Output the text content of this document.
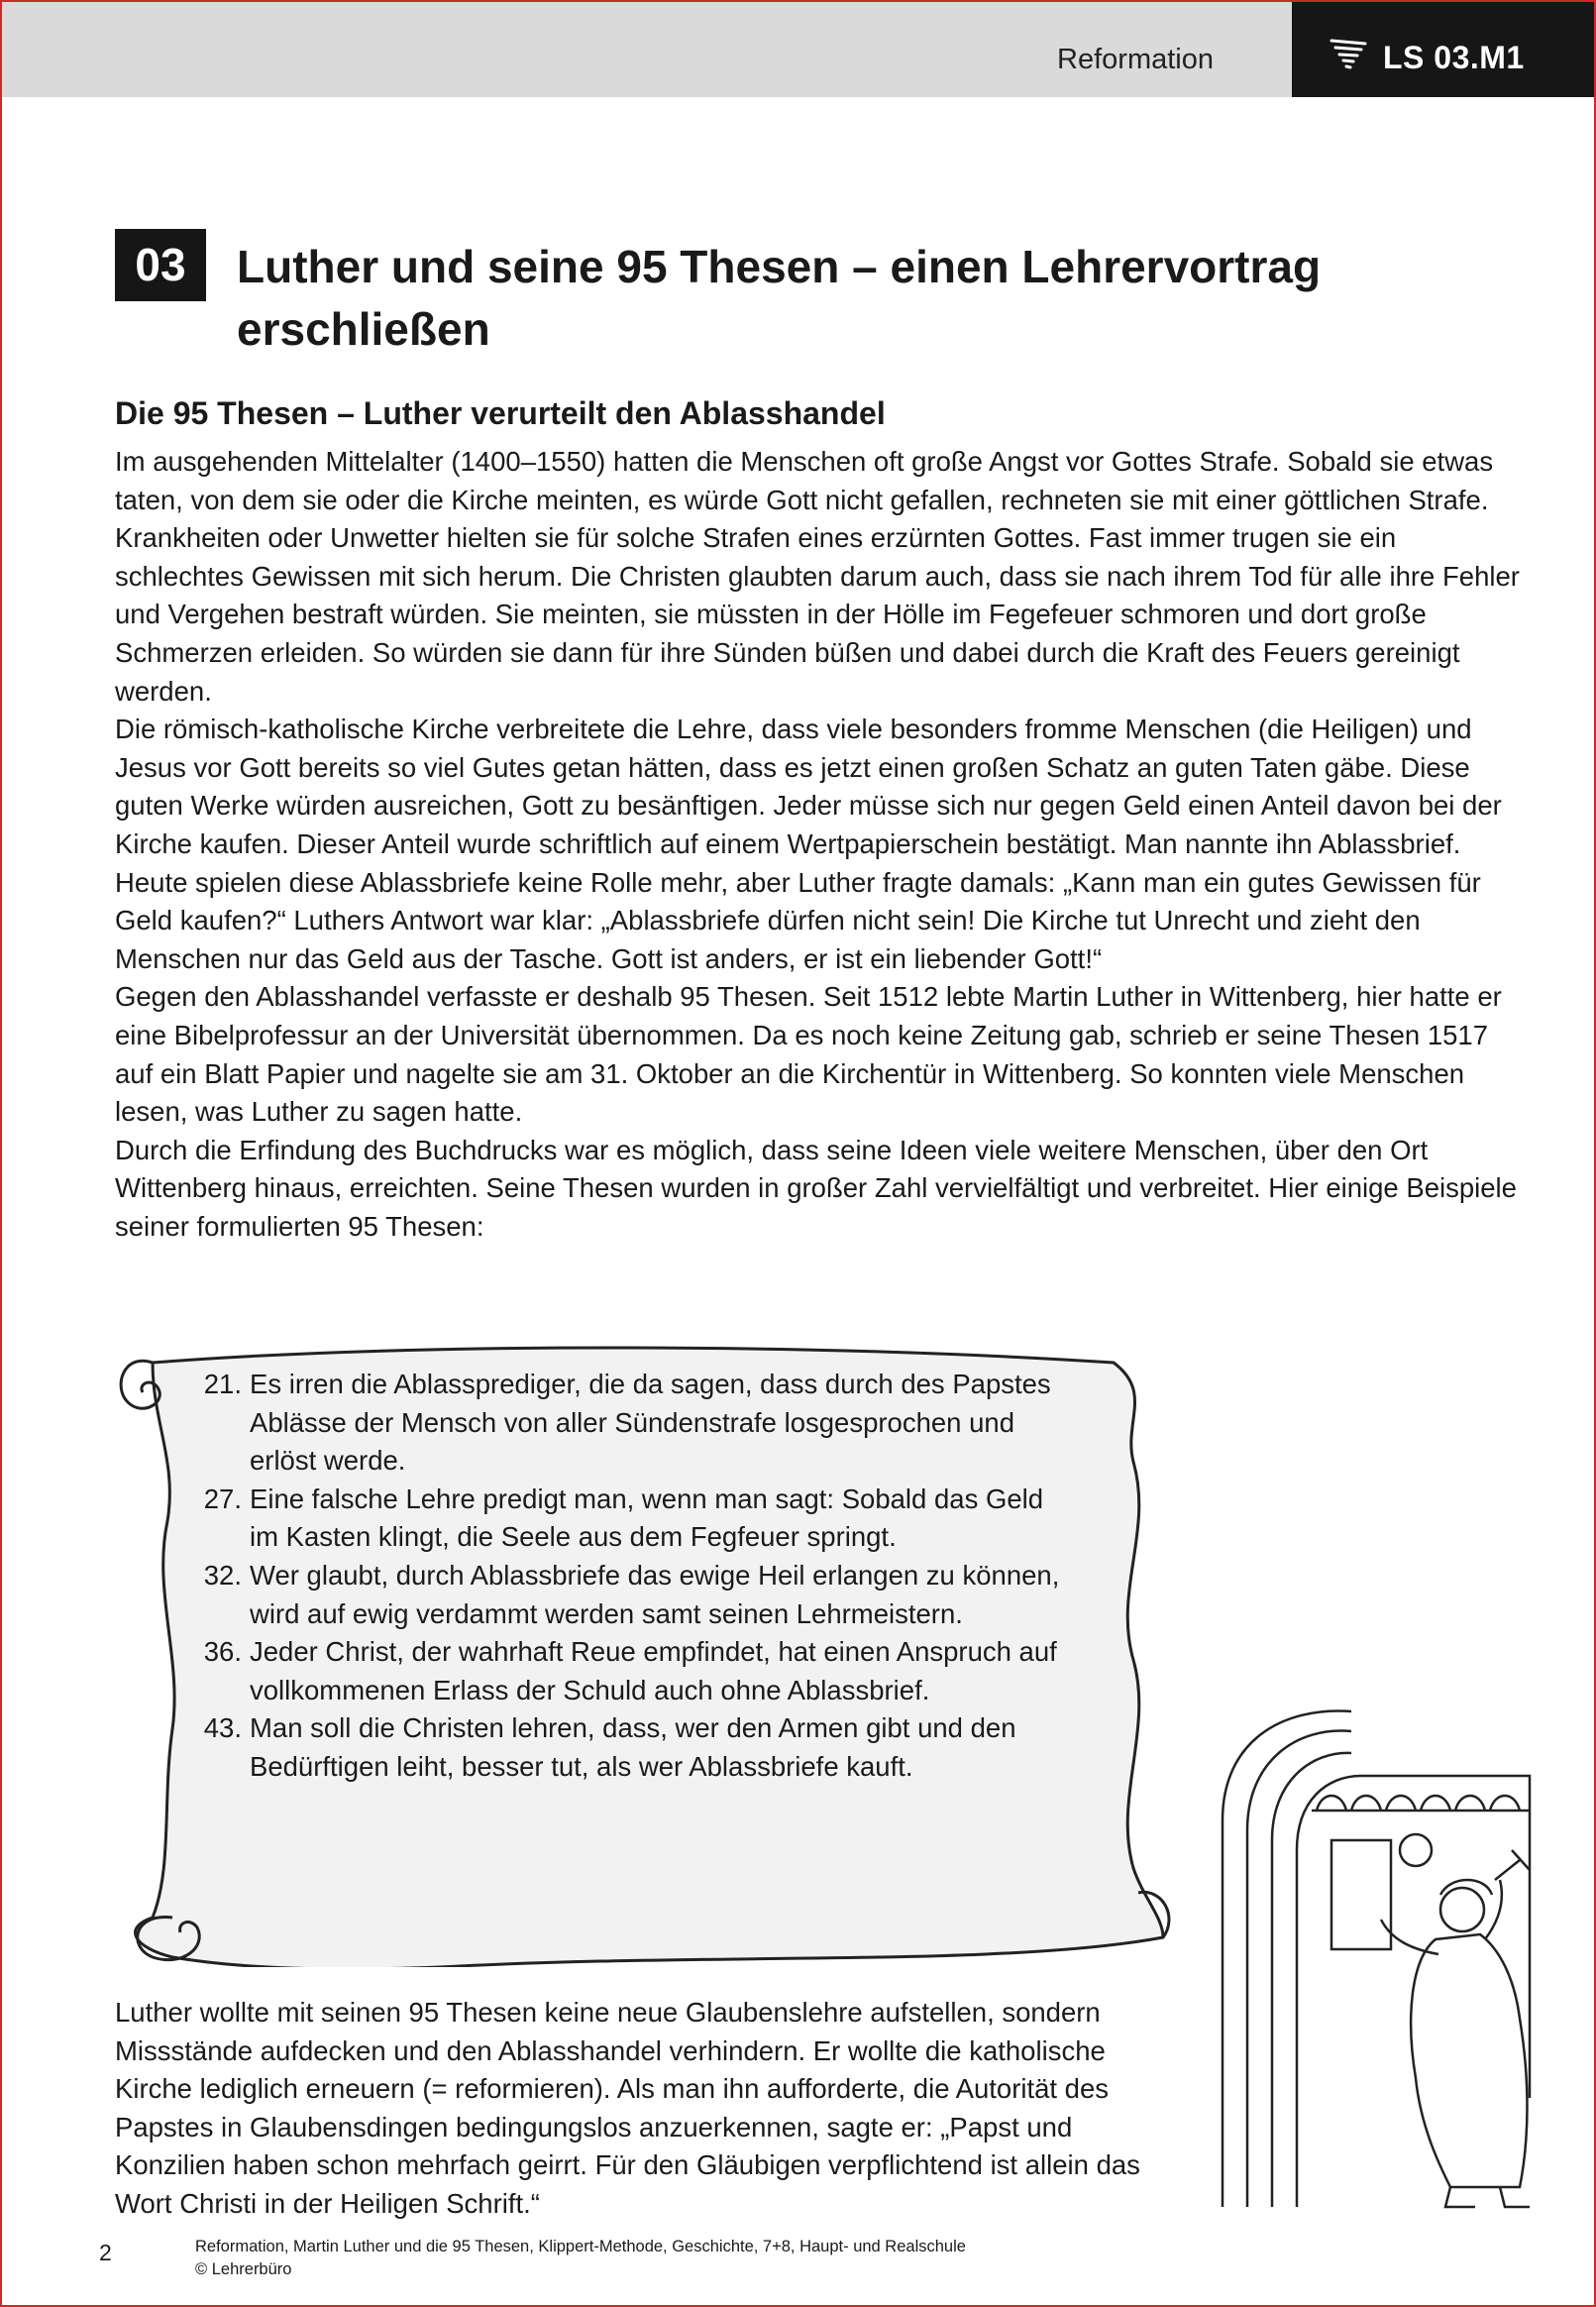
Reformation	LS 03.M1
03	Luther und seine 95 Thesen – einen Lehrervortrag erschließen
Die 95 Thesen – Luther verurteilt den Ablasshandel

Im ausgehenden Mittelalter (1400–1550) hatten die Menschen oft große Angst vor Gottes Strafe. Sobald sie etwas taten, von dem sie oder die Kirche meinten, es würde Gott nicht gefallen, rechneten sie mit einer göttlichen Strafe. Krankheiten oder Unwetter hielten sie für solche Strafen eines erzürnten Gottes. Fast immer trugen sie ein schlechtes Gewissen mit sich herum. Die Christen glaubten darum auch, dass sie nach ihrem Tod für alle ihre Fehler und Vergehen bestraft würden. Sie meinten, sie müssten in der Hölle im Fegefeuer schmoren und dort große Schmerzen erleiden. So würden sie dann für ihre Sünden büßen und dabei durch die Kraft des Feuers gereinigt werden.

Die römisch-katholische Kirche verbreitete die Lehre, dass viele besonders fromme Menschen (die Heiligen) und Jesus vor Gott bereits so viel Gutes getan hätten, dass es jetzt einen großen Schatz an guten Taten gäbe. Diese guten Werke würden ausreichen, Gott zu besänftigen. Jeder müsse sich nur gegen Geld einen Anteil davon bei der Kirche kaufen. Dieser Anteil wurde schriftlich auf einem Wertpapierschein bestätigt. Man nannte ihn Ablassbrief. Heute spielen diese Ablassbriefe keine Rolle mehr, aber Luther fragte damals: „Kann man ein gutes Gewissen für Geld kaufen?“ Luthers Antwort war klar: „Ablassbriefe dürfen nicht sein! Die Kirche tut Unrecht und zieht den Menschen nur das Geld aus der Tasche. Gott ist anders, er ist ein liebender Gott!“

Gegen den Ablasshandel verfasste er deshalb 95 Thesen. Seit 1512 lebte Martin Luther in Wittenberg, hier hatte er eine Bibelprofessur an der Universität übernommen. Da es noch keine Zeitung gab, schrieb er seine Thesen 1517 auf ein Blatt Papier und nagelte sie am 31. Oktober an die Kirchentür in Wittenberg. So konnten viele Menschen lesen, was Luther zu sagen hatte.

Durch die Erfindung des Buchdrucks war es möglich, dass seine Ideen viele weitere Menschen, über den Ort Wittenberg hinaus, erreichten. Seine Thesen wurden in großer Zahl vervielfältigt und verbreitet. Hier einige Beispiele seiner formulierten 95 Thesen:

21. Es irren die Ablassprediger, die da sagen, dass durch des Papstes Ablässe der Mensch von aller Sündenstrafe losgesprochen und erlöst werde.
27. Eine falsche Lehre predigt man, wenn man sagt: Sobald das Geld im Kasten klingt, die Seele aus dem Fegfeuer springt.
32. Wer glaubt, durch Ablassbriefe das ewige Heil erlangen zu können, wird auf ewig verdammt werden samt seinen Lehrmeistern.
36. Jeder Christ, der wahrhaft Reue empfindet, hat einen Anspruch auf vollkommenen Erlass der Schuld auch ohne Ablassbrief.
43. Man soll die Christen lehren, dass, wer den Armen gibt und den Bedürftigen leiht, besser tut, als wer Ablassbriefe kauft.

Luther wollte mit seinen 95 Thesen keine neue Glaubenslehre aufstellen, sondern Missstände aufdecken und den Ablasshandel verhindern. Er wollte die katholische Kirche lediglich erneuern (= reformieren). Als man ihn aufforderte, die Autorität des Papstes in Glaubensdingen bedingungslos anzuerkennen, sagte er: „Papst und Konzilien haben schon mehrfach geirrt. Für den Gläubigen verpflichtend ist allein das Wort Christi in der Heiligen Schrift.“

2	Reformation, Martin Luther und die 95 Thesen, Klippert-Methode, Geschichte, 7+8, Haupt- und Realschule
© Lehrerbüro
